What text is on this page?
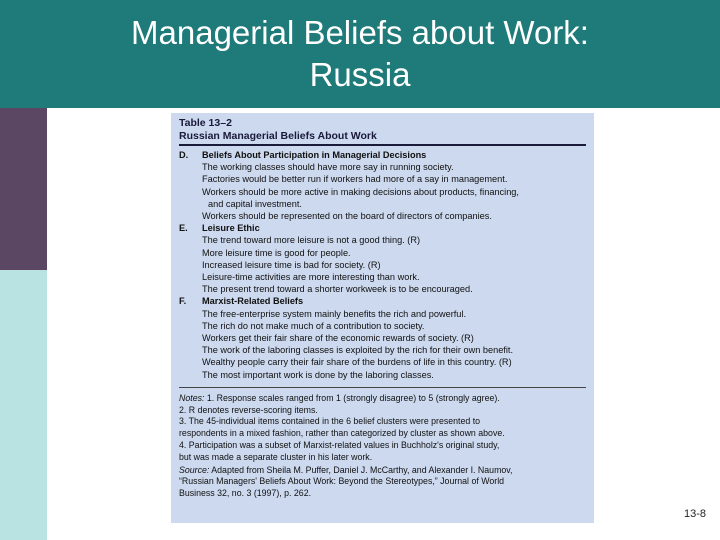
Managerial Beliefs about Work:
Russia
Table 13–2
Russian Managerial Beliefs About Work
D.	Beliefs About Participation in Managerial Decisions
The working classes should have more say in running society.
Factories would be better run if workers had more of a say in management.
Workers should be more active in making decisions about products, financing,
and capital investment.
Workers should be represented on the board of directors of companies.
E.	Leisure Ethic
The trend toward more leisure is not a good thing. (R)
More leisure time is good for people.
Increased leisure time is bad for society. (R)
Leisure-time activities are more interesting than work.
The present trend toward a shorter workweek is to be encouraged.
F.	Marxist-Related Beliefs
The free-enterprise system mainly benefits the rich and powerful.
The rich do not make much of a contribution to society.
Workers get their fair share of the economic rewards of society. (R)
The work of the laboring classes is exploited by the rich for their own benefit.
Wealthy people carry their fair share of the burdens of life in this country. (R)
The most important work is done by the laboring classes.
Notes: 1. Response scales ranged from 1 (strongly disagree) to 5 (strongly agree).
2. R denotes reverse-scoring items.
3. The 45-individual items contained in the 6 belief clusters were presented to
respondents in a mixed fashion, rather than categorized by cluster as shown above.
4. Participation was a subset of Marxist-related values in Buchholz's original study,
but was made a separate cluster in his later work.
Source: Adapted from Sheila M. Puffer, Daniel J. McCarthy, and Alexander I. Naumov,
“Russian Managers' Beliefs About Work: Beyond the Stereotypes,” Journal of World
Business 32, no. 3 (1997), p. 262.
13-8
